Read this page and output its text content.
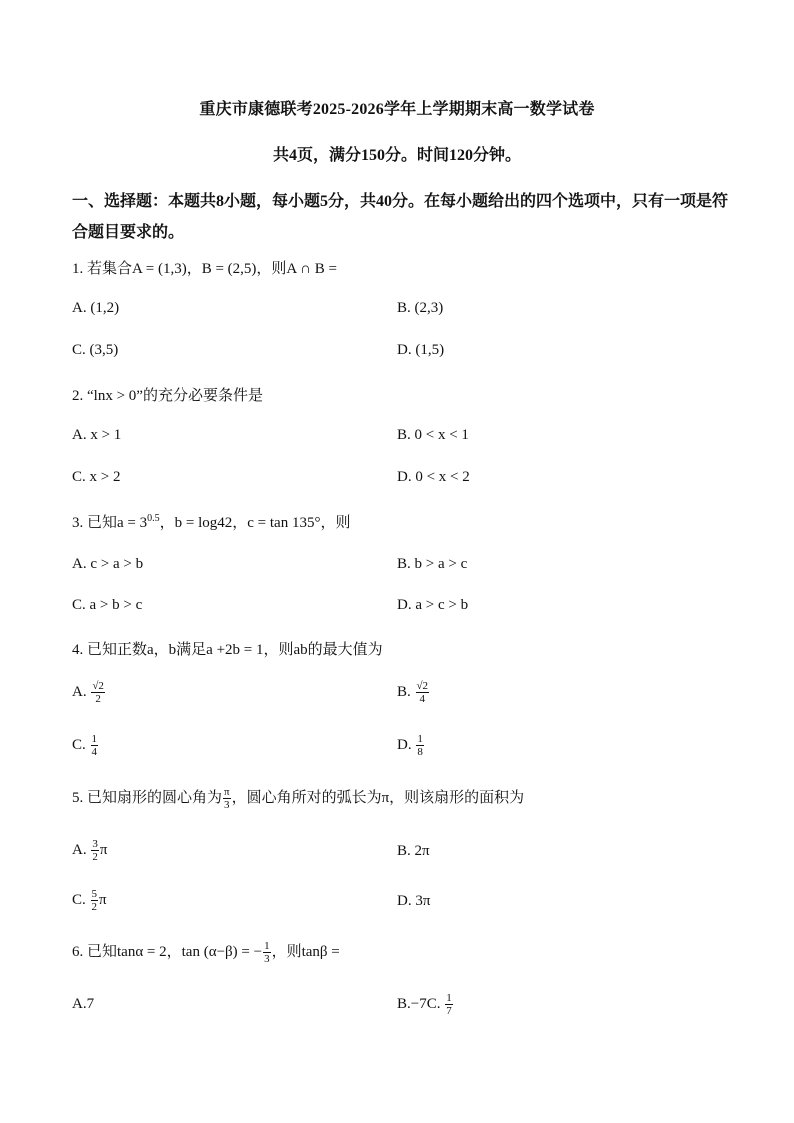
重庆市康德联考2025-2026学年上学期期末高一数学试卷
共4页，满分150分。时间120分钟。
一、选择题：本题共8小题，每小题5分，共40分。在每小题给出的四个选项中，只有一项是符合题目要求的。
1. 若集合A = (1,3)，B = (2,5)，则A ∩ B =
A. (1,2)	B. (2,3)
C. (3,5)	D. (1,5)
2. “lnx > 0”的充分必要条件是
A. x > 1	B. 0 < x < 1
C. x > 2	D. 0 < x < 2
3. 已知$a = 3^{0.5}$，b = log42，c = tan 135°，则
A. c > a > b	B. b > a > c
C. a > b > c	D. a > c > b
4. 已知正数a，b满足a +2b = 1，则ab的最大值为
A. $\frac{√2}{2}$	B. $\frac{√2}{4}$
C. $\frac{1}{4}$	D. $\frac{1}{8}$
5. 已知扇形的圆心角为 $\frac{\pi}{3}$ ，圆心角所对的弧长为π，则该扇形的面积为
A. $\frac{3}{2}$ π	B. 2π
C. $\frac{5}{2}$ π	D. 3π
6. 已知tanα = 2，tan (α−β) = − $\frac{1}{3}$ ，则tanβ =
A.7	B.−7C. $\frac{1}{7}$
